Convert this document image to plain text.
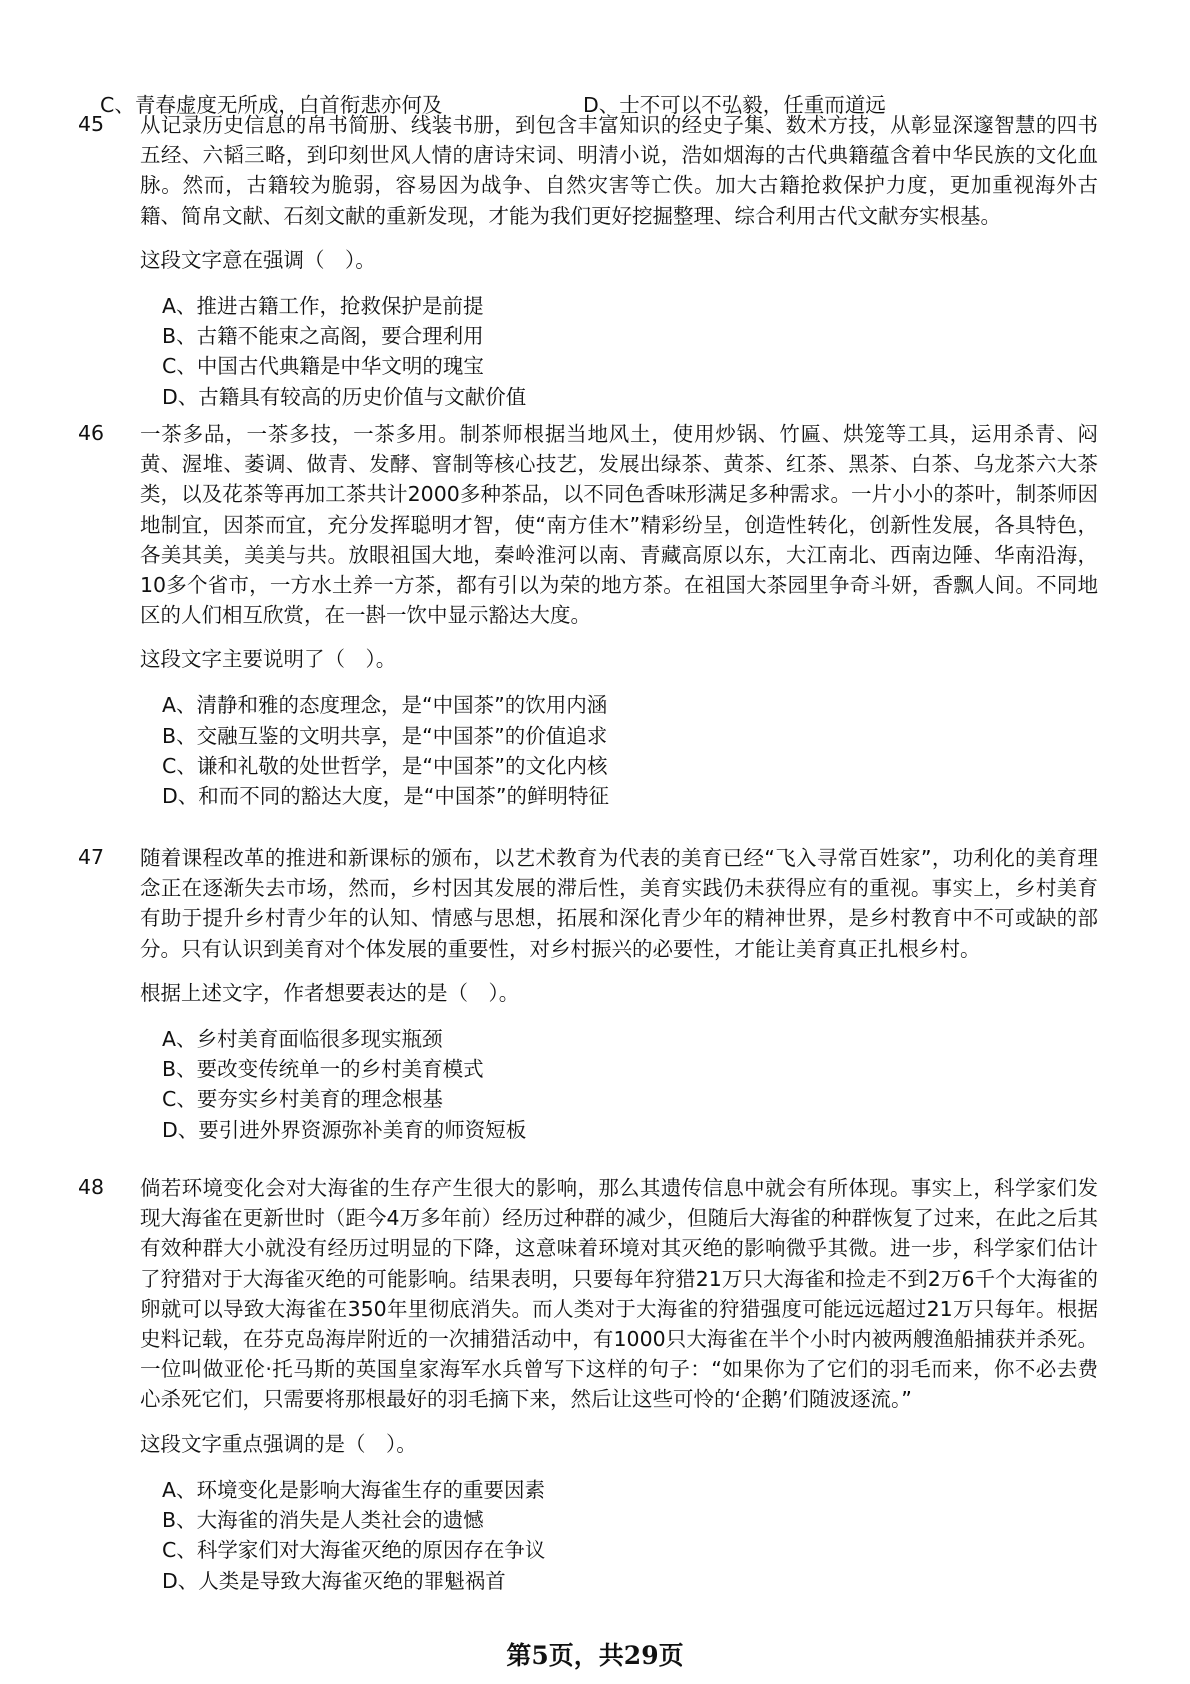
C、青春虚度无所成，白首衔悲亦何及	D、士不可以不弘毅，任重而道远
45 从记录历史信息的帛书简册、线装书册，到包含丰富知识的经史子集、数术方技，从彰显深邃智慧的四书五经、六韬三略，到印刻世风人情的唐诗宋词、明清小说，浩如烟海的古代典籍蕴含着中华民族的文化血脉。然而，古籍较为脆弱，容易因为战争、自然灾害等亡佚。加大古籍抢救保护力度，更加重视海外古籍、简帛文献、石刻文献的重新发现，才能为我们更好挖掘整理、综合利用古代文献夯实根基。
这段文字意在强调（　）。
A、推进古籍工作，抢救保护是前提
B、古籍不能束之高阁，要合理利用
C、中国古代典籍是中华文明的瑰宝
D、古籍具有较高的历史价值与文献价值
46 一茶多品，一茶多技，一茶多用。制茶师根据当地风土，使用炒锅、竹匾、烘笼等工具，运用杀青、闷黄、渥堆、萎调、做青、发酵、窨制等核心技艺，发展出绿茶、黄茶、红茶、黑茶、白茶、乌龙茶六大茶类，以及花茶等再加工茶共计2000多种茶品，以不同色香味形满足多种需求。一片小小的茶叶，制茶师因地制宜，因茶而宜，充分发挥聪明才智，使“南方佳木”精彩纷呈，创造性转化，创新性发展，各具特色，各美其美，美美与共。放眼祖国大地，秦岭淮河以南、青藏高原以东，大江南北、西南边陲、华南沿海，10多个省市，一方水土养一方茶，都有引以为荣的地方茶。在祖国大茶园里争奇斗妍，香飘人间。不同地区的人们相互欣赏，在一斟一饮中显示豁达大度。
这段文字主要说明了（　）。
A、清静和雅的态度理念，是“中国茶”的饮用内涵
B、交融互鉴的文明共享，是“中国茶”的价值追求
C、谦和礼敬的处世哲学，是“中国茶”的文化内核
D、和而不同的豁达大度，是“中国茶”的鲜明特征
47 随着课程改革的推进和新课标的颁布，以艺术教育为代表的美育已经“飞入寻常百姓家”，功利化的美育理念正在逐渐失去市场，然而，乡村因其发展的滞后性，美育实践仍未获得应有的重视。事实上，乡村美育有助于提升乡村青少年的认知、情感与思想，拓展和深化青少年的精神世界，是乡村教育中不可或缺的部分。只有认识到美育对个体发展的重要性，对乡村振兴的必要性，才能让美育真正扎根乡村。
根据上述文字，作者想要表达的是（　）。
A、乡村美育面临很多现实瓶颈
B、要改变传统单一的乡村美育模式
C、要夯实乡村美育的理念根基
D、要引进外界资源弥补美育的师资短板
48 倘若环境变化会对大海雀的生存产生很大的影响，那么其遗传信息中就会有所体现。事实上，科学家们发现大海雀在更新世时（距今4万多年前）经历过种群的减少，但随后大海雀的种群恢复了过来，在此之后其有效种群大小就没有经历过明显的下降，这意味着环境对其灭绝的影响微乎其微。进一步，科学家们估计了狩猎对于大海雀灭绝的可能影响。结果表明，只要每年狩猎21万只大海雀和捡走不到2万6千个大海雀的卵就可以导致大海雀在350年里彻底消失。而人类对于大海雀的狩猎强度可能远远超过21万只每年。根据史料记载，在芬克岛海岸附近的一次捕猎活动中，有1000只大海雀在半个小时内被两艘渔船捕获并杀死。一位叫做亚伦·托马斯的英国皇家海军水兵曾写下这样的句子：“如果你为了它们的羽毛而来，你不必去费心杀死它们，只需要将那根最好的羽毛摘下来，然后让这些可怜的‘企鹅’们随波逐流。”
这段文字重点强调的是（　）。
A、环境变化是影响大海雀生存的重要因素
B、大海雀的消失是人类社会的遗憾
C、科学家们对大海雀灭绝的原因存在争议
D、人类是导致大海雀灭绝的罪魁祸首
第5页，共29页
